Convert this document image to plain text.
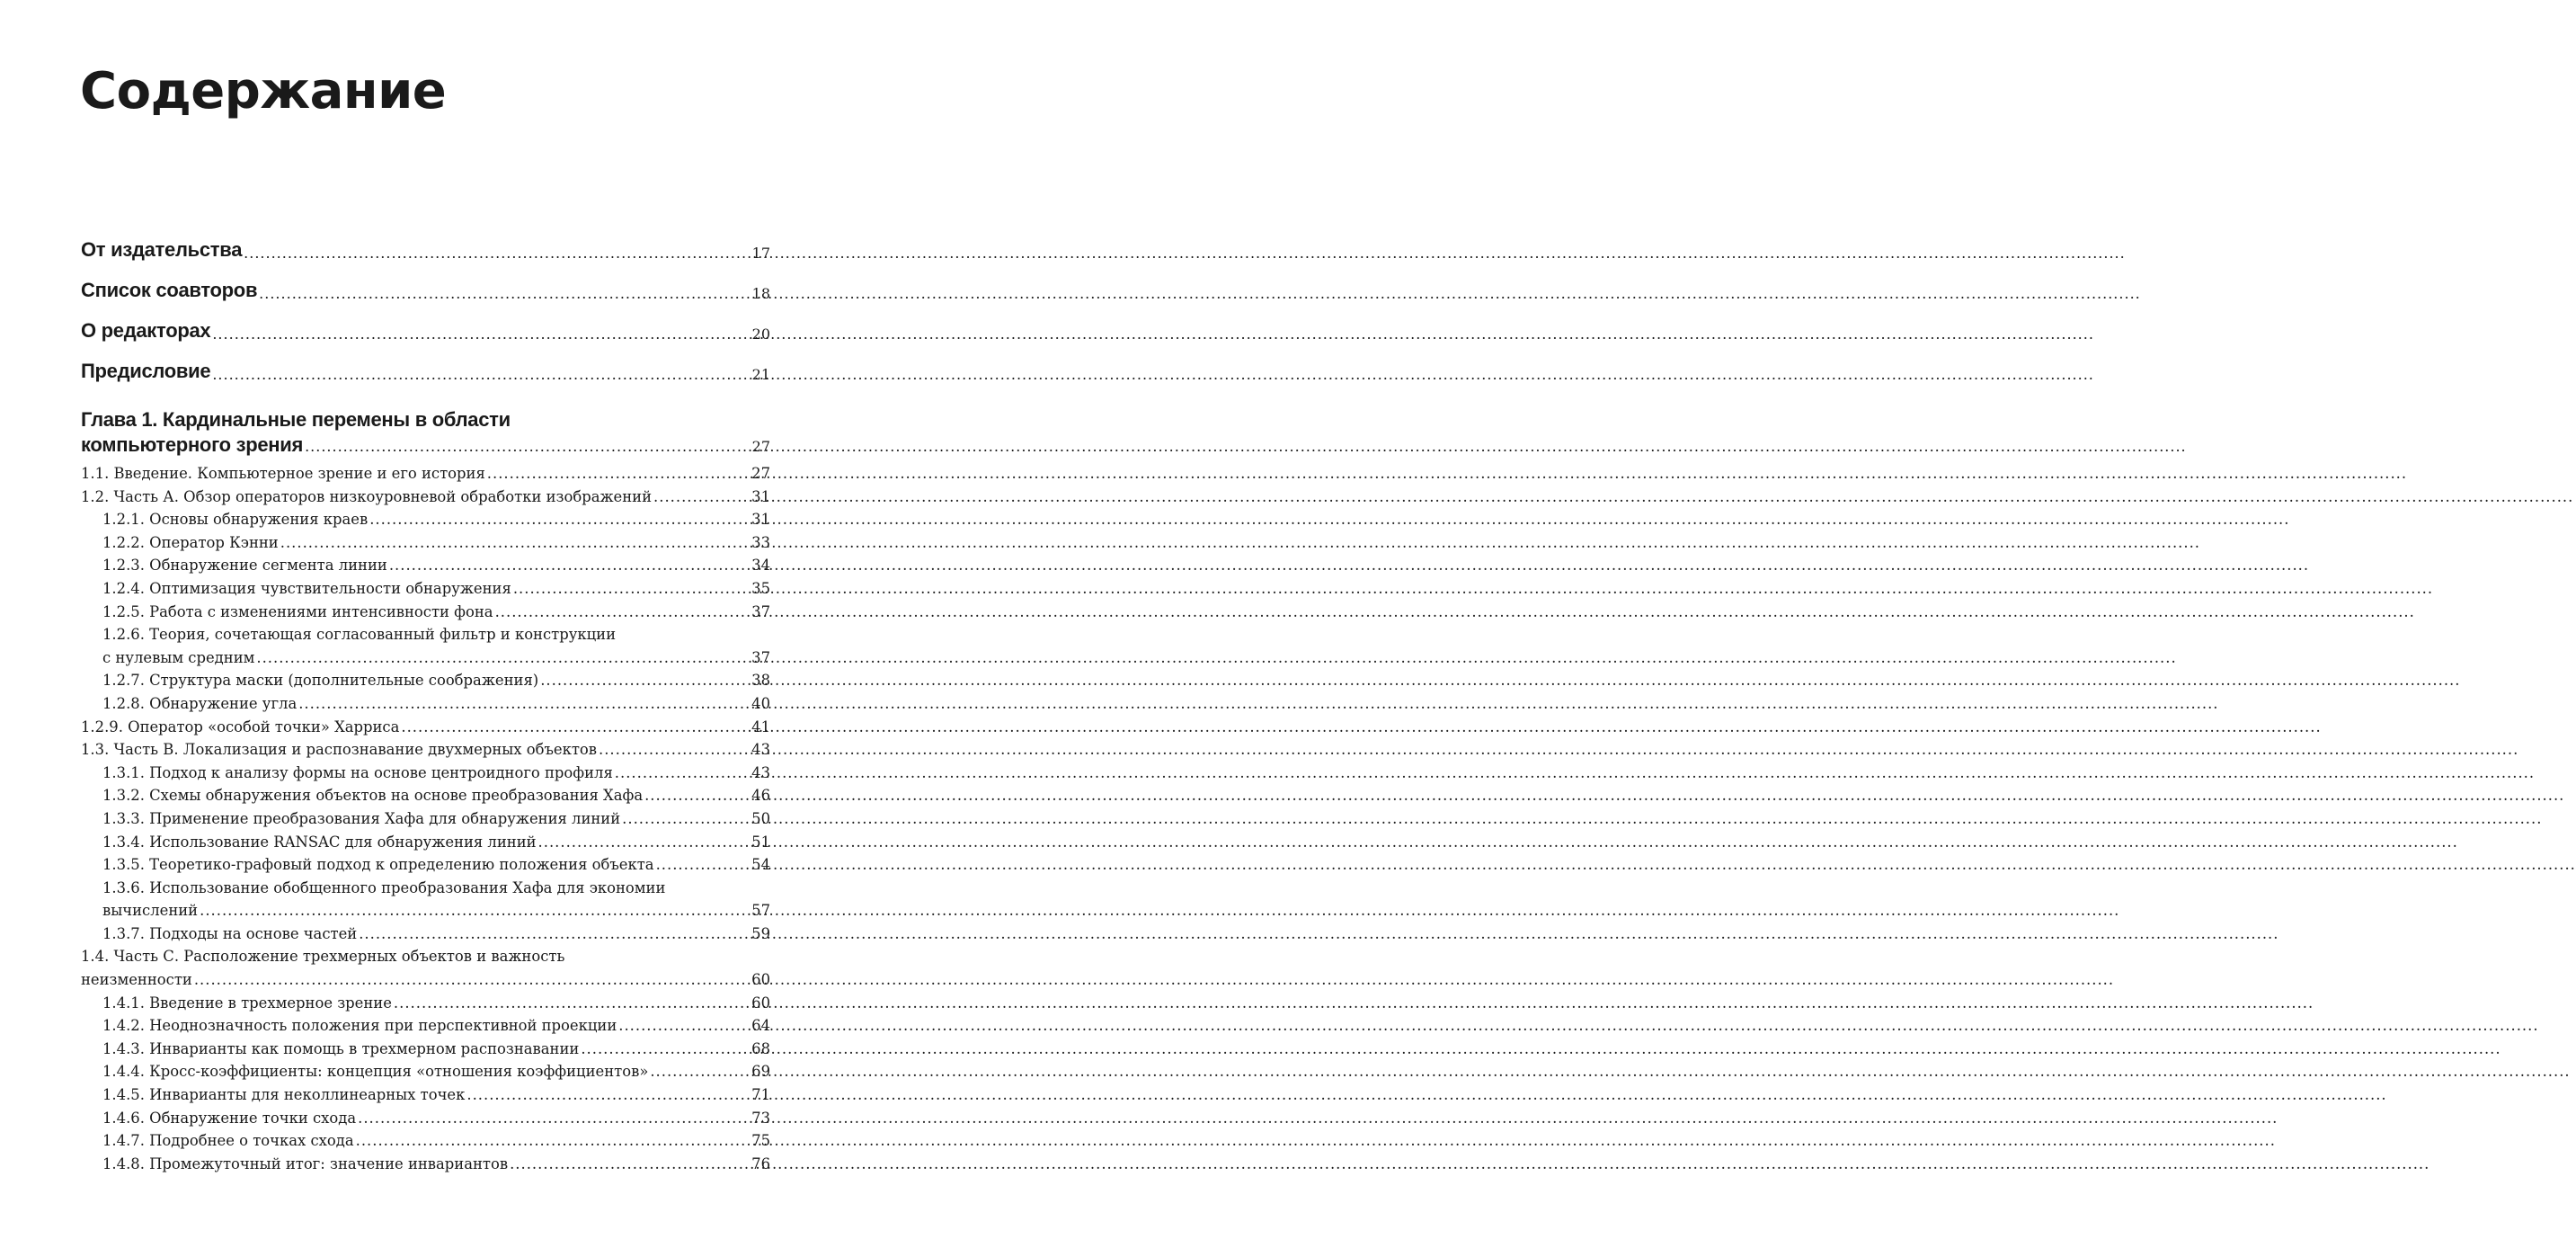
Содержание
От издательства .....	17
Список соавторов .....	18
О редакторах .....	20
Предисловие .....	21
Глава 1. Кардинальные перемены в области
компьютерного зрения .....	27
1.1. Введение. Компьютерное зрение и его история .....	27
1.2. Часть А. Обзор операторов низкоуровневой обработки изображений .....	31
1.2.1. Основы обнаружения краев .....	31
1.2.2. Оператор Кэнни .....	33
1.2.3. Обнаружение сегмента линии .....	34
1.2.4. Оптимизация чувствительности обнаружения .....	35
1.2.5. Работа с изменениями интенсивности фона .....	37
1.2.6. Теория, сочетающая согласованный фильтр и конструкции
с нулевым средним .....	37
1.2.7. Структура маски (дополнительные соображения) .....	38
1.2.8. Обнаружение угла .....	40
1.2.9. Оператор «особой точки» Харриса .....	41
1.3. Часть B. Локализация и распознавание двухмерных объектов .....	43
1.3.1. Подход к анализу формы на основе центроидного профиля .....	43
1.3.2. Схемы обнаружения объектов на основе преобразования Хафа .....	46
1.3.3. Применение преобразования Хафа для обнаружения линий .....	50
1.3.4. Использование RANSAC для обнаружения линий .....	51
1.3.5. Теоретико-графовый подход к определению положения объекта .....	54
1.3.6. Использование обобщенного преобразования Хафа для экономии
вычислений .....	57
1.3.7. Подходы на основе частей .....	59
1.4. Часть С. Расположение трехмерных объектов и важность
неизменности .....	60
1.4.1. Введение в трехмерное зрение .....	60
1.4.2. Неоднозначность положения при перспективной проекции .....	64
1.4.3. Инварианты как помощь в трехмерном распознавании .....	68
1.4.4. Кросс-коэффициенты: концепция «отношения коэффициентов» .....	69
1.4.5. Инварианты для неколлинеарных точек .....	71
1.4.6. Обнаружение точки схода .....	73
1.4.7. Подробнее о точках схода .....	75
1.4.8. Промежуточный итог: значение инвариантов .....	76
